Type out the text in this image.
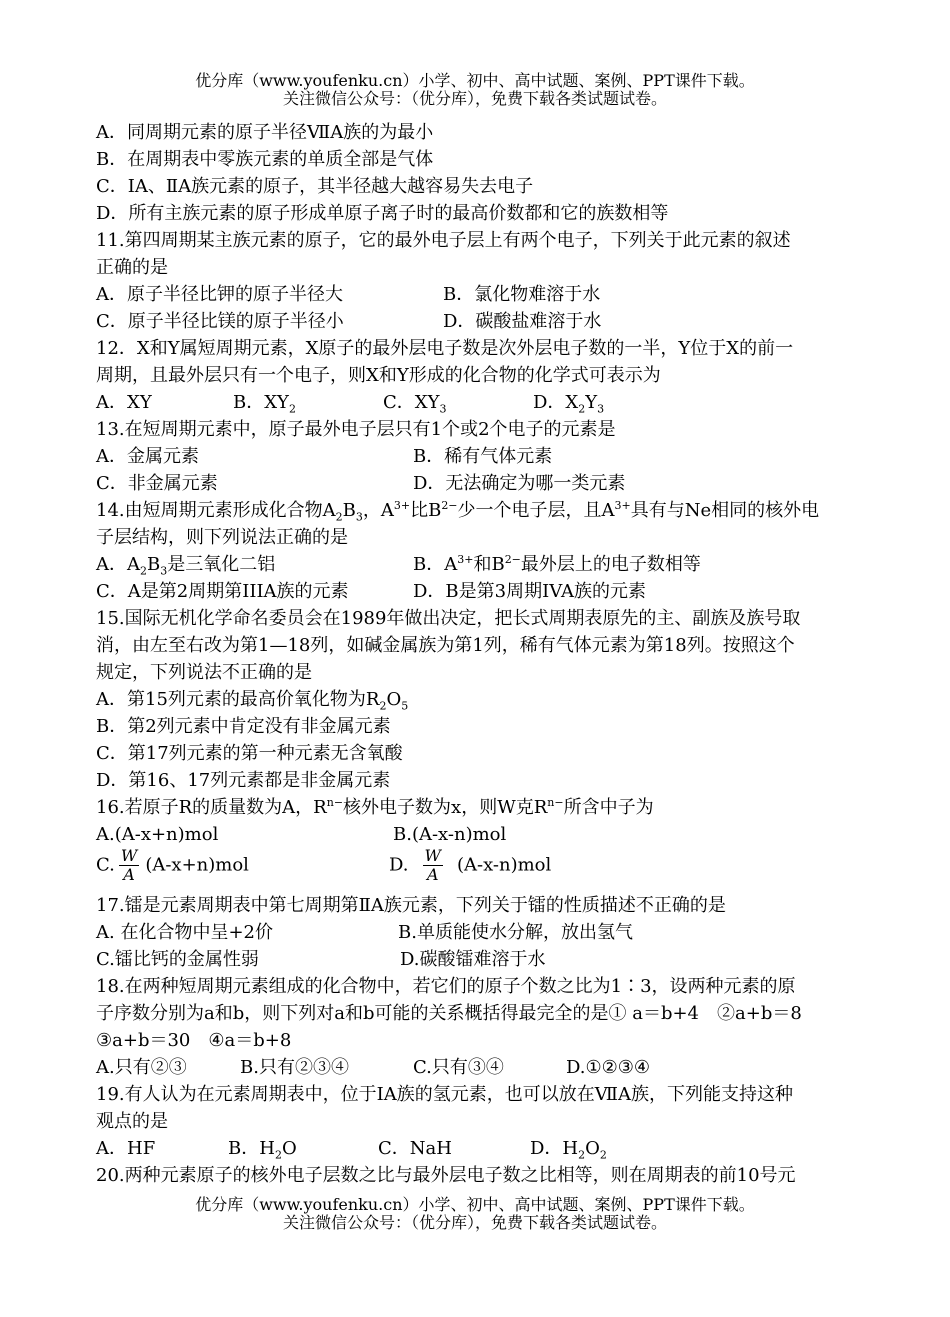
优分库（www.youfenku.cn）小学、初中、高中试题、案例、PPT课件下载。
关注微信公众号：（优分库），免费下载各类试题试卷。
A．同周期元素的原子半径ⅦA族的为最小
B．在周期表中零族元素的单质全部是气体
C．ⅠA、ⅡA族元素的原子，其半径越大越容易失去电子
D．所有主族元素的原子形成单原子离子时的最高价数都和它的族数相等
11.第四周期某主族元素的原子，它的最外电子层上有两个电子，下列关于此元素的叙述
正确的是
A．原子半径比钾的原子半径大	B．氯化物难溶于水
C．原子半径比镁的原子半径小	D．碳酸盐难溶于水
12．X和Y属短周期元素，X原子的最外层电子数是次外层电子数的一半，Y位于X的前一
周期，且最外层只有一个电子，则X和Y形成的化合物的化学式可表示为
A．XY	B．$XY_2$	C．$XY_3$	D．$X_2Y_3$
13.在短周期元素中，原子最外电子层只有1个或2个电子的元素是
A．金属元素	B．稀有气体元素
C．非金属元素	D．无法确定为哪一类元素
14.由短周期元素形成化合物$A_2B_3$，$A^{3+}$比$B^{2-}$少一个电子层，且$A^{3+}$具有与Ne相同的核外电
子层结构，则下列说法正确的是
A．$A_2B_3$是三氧化二铝	B．$A^{3+}$和$B^{2-}$最外层上的电子数相等
C．A是第2周期第IIIA族的元素	D．B是第3周期IVA族的元素
15.国际无机化学命名委员会在1989年做出决定，把长式周期表原先的主、副族及族号取
消，由左至右改为第1—18列，如碱金属族为第1列，稀有气体元素为第18列。按照这个
规定，下列说法不正确的是
A．第15列元素的最高价氧化物为$R_2O_5$
B．第2列元素中肯定没有非金属元素
C．第17列元素的第一种元素无含氧酸
D．第16、17列元素都是非金属元素
16.若原子R的质量数为A，$R^{n-}$核外电子数为x，则W克$R^{n-}$所含中子为
A.(A-x+n)mol	B.(A-x-n)mol
C. $\frac{W}{A} (A-x+n)mol$	D. $\frac{W}{A} (A-x-n)mol$
17.镭是元素周期表中第七周期第ⅡA族元素，下列关于镭的性质描述不正确的是
A. 在化合物中呈+2价	B.单质能使水分解，放出氢气
C.镭比钙的金属性弱	D.碳酸镭难溶于水
18.在两种短周期元素组成的化合物中，若它们的原子个数之比为1∶3，设两种元素的原
子序数分别为a和b，则下列对a和b可能的关系概括得最完全的是① a＝b+4　②a+b＝8
③a+b＝30　④a＝b+8
A.只有②③	B.只有②③④	C.只有③④	D.①②③④
19.有人认为在元素周期表中，位于ⅠA族的氢元素，也可以放在ⅦA族，下列能支持这种
观点的是
A．HF	B．$H_2O$	C．NaH	D．$H_2O_2$
20.两种元素原子的核外电子层数之比与最外层电子数之比相等，则在周期表的前10号元
优分库（www.youfenku.cn）小学、初中、高中试题、案例、PPT课件下载。
关注微信公众号：（优分库），免费下载各类试题试卷。
